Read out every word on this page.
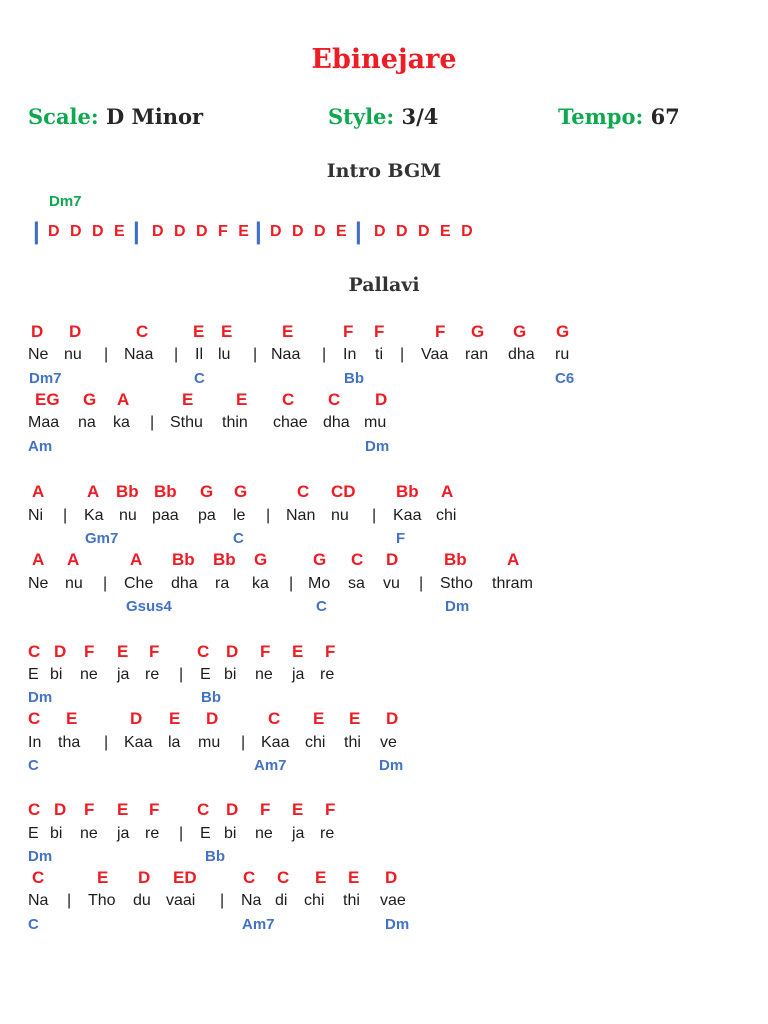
Ebinejare
Scale: D Minor	Style: 3/4	Tempo: 67
Intro BGM
Dm7
| D D D E | D D D F E | D D D E | D D D E D
Pallavi
D D	C	E E	E	F F	F G G G
Ne nu | Naa | Il lu | Naa | In ti | Vaa ran dha ru
Dm7	C	Bb	C6
EG G A	E	E C C D
Maa na ka | Sthu thin chae dha mu
Am	Dm
A	A Bb Bb G G	C CD Bb A
Ni | Ka nu paa pa le | Nan nu | Kaa chi
Gm7	C	F
A A	A Bb Bb G	G C D	Bb A
Ne nu | Che dha ra ka | Mo sa vu | Stho thram
Gsus4	C	Dm
C D F E F C D F E F
E bi ne ja re | E bi ne ja re
Dm	Bb
C E	D E D	C E E D
In tha | Kaa la mu | Kaa chi thi ve
C	Am7	Dm
C D F E F C D F E F
E bi ne ja re | E bi ne ja re
Dm	Bb
C	E D ED	C C E E D
Na | Tho du vaai | Na di chi thi vae
C	Am7	Dm
